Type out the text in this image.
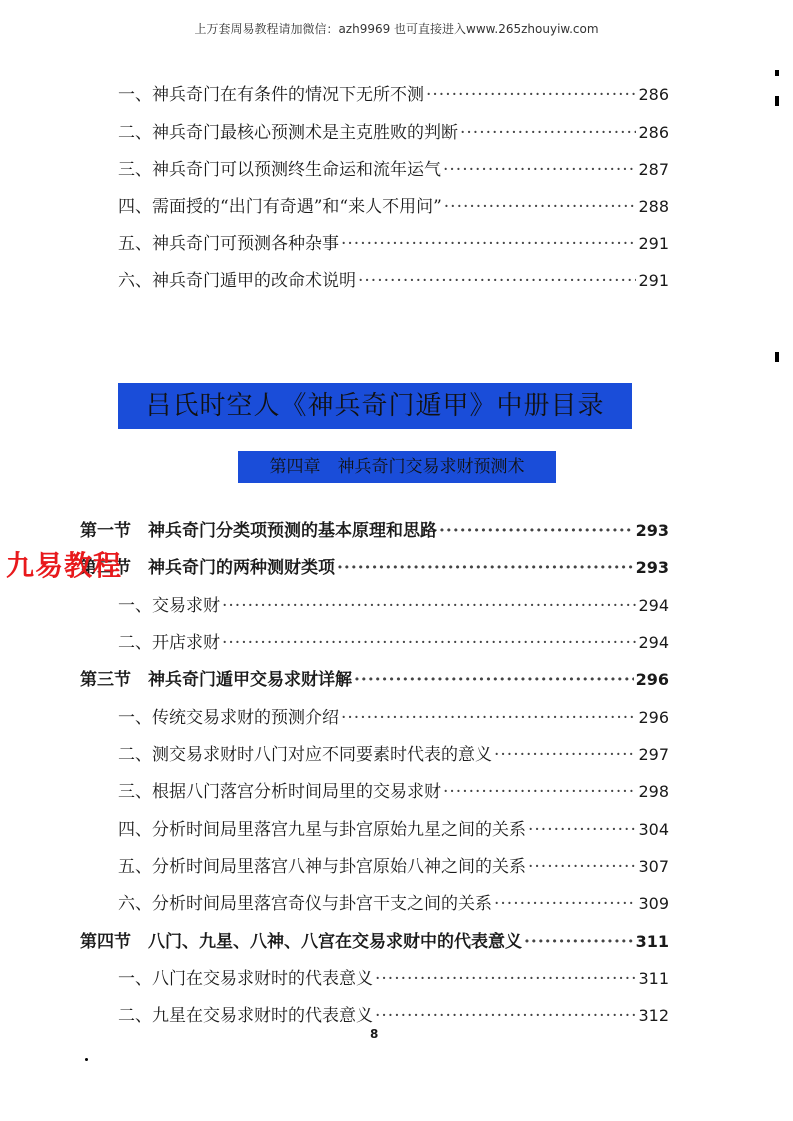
上万套周易教程请加微信：azh9969 也可直接进入www.265zhouyiw.com
一、神兵奇门在有条件的情况下无所不测 ·····	286
二、神兵奇门最核心预测术是主克胜败的判断 ·····	286
三、神兵奇门可以预测终生命运和流年运气 ·····	287
四、需面授的“出门有奇遇”和“来人不用问” ·····	288
五、神兵奇门可预测各种杂事 ·····	291
六、神兵奇门遁甲的改命术说明 ·····	291
吕氏时空人《神兵奇门遁甲》中册目录
第四章　神兵奇门交易求财预测术
第一节　神兵奇门分类项预测的基本原理和思路 ·····	293
第二节　神兵奇门的两种测财类项 ·····	293
一、交易求财 ·····	294
二、开店求财 ·····	294
第三节　神兵奇门遁甲交易求财详解 ·····	296
一、传统交易求财的预测介绍 ·····	296
二、测交易求财时八门对应不同要素时代表的意义 ·····	297
三、根据八门落宫分析时间局里的交易求财 ·····	298
四、分析时间局里落宫九星与卦宫原始九星之间的关系 ·····	304
五、分析时间局里落宫八神与卦宫原始八神之间的关系 ·····	307
六、分析时间局里落宫奇仪与卦宫干支之间的关系 ·····	309
第四节　八门、九星、八神、八宫在交易求财中的代表意义 ·····	311
一、八门在交易求财时的代表意义 ·····	311
二、九星在交易求财时的代表意义 ·····	312
九易教程
8
